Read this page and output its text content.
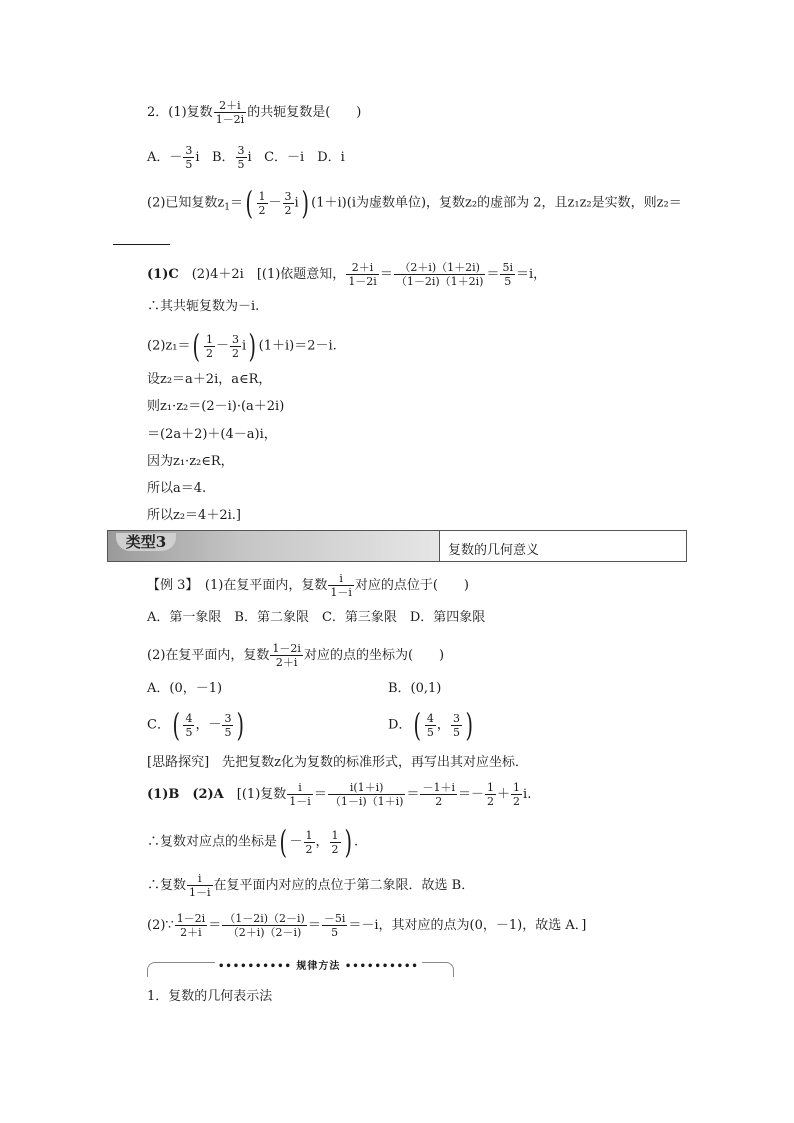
2．(1)复数 $\frac{2+i}{1-2i}$ 的共轭复数是(　　)
A．－ $\frac{3}{5}$ i B． $\frac{3}{5}$ i C．－i　D．i
(2)已知复数$z_1=( \frac{1}{2} - \frac{3}{2} i)$ (1＋i)(i为虚数单位)，复数z₂的虚部为 2，且z₁z₂是实数，则z₂＝
(1)C　(2)4＋2i　[(1)依题意知， $\frac{2+i}{1-2i} = \frac{(2+i)(1+2i)}{(1-2i)(1+2i)} = \frac{5i}{5} =i$，
∴其共轭复数为－i.
$(2)z_1=( \frac{1}{2} - \frac{3}{2} i)$ (1＋i)＝2－i.
设z₂＝a＋2i，a∈R，
则z₁·z₂＝(2－i)·(a＋2i)
＝(2a＋2)＋(4－a)i，
因为z₁·z₂∈R，
所以a＝4.
所以z₂＝4＋2i.]
类型3	复数的几何意义
【例 3】　(1)在复平面内，复数 $\frac{i}{1-i}$ 对应的点位于(　　)
A．第一象限　B．第二象限　C．第三象限　D．第四象限
(2)在复平面内，复数 $\frac{1-2i}{2+i}$ 对应的点的坐标为(　　)
A．(0，－1)	B．(0,1)
C．( $\frac{4}{5}$ ，－ $\frac{3}{5}$ )	D．( $\frac{4}{5}$ ， $\frac{3}{5}$ )
[思路探究]　先把复数z化为复数的标准形式，再写出其对应坐标．
(1)B　(2)A　[(1)复数 $\frac{i}{1-i} = \frac{i(1+i)}{(1-i)(1+i)} = \frac{-1+i}{2} =- \frac{1}{2} + \frac{1}{2} i$.
∴复数对应点的坐标是( － $\frac{1}{2}$ ， $\frac{1}{2}$ ) .
∴复数 $\frac{i}{1-i}$ 在复平面内对应的点位于第二象限．故选 B．
(2)∵ $\frac{1-2i}{2+i} = \frac{(1-2i)(2-i)}{(2+i)(2-i)} = \frac{-5i}{5} =-i$，其对应的点为(0，－1)，故选 A．]
•••••••••• 规律方法 ••••••••••
1．复数的几何表示法
